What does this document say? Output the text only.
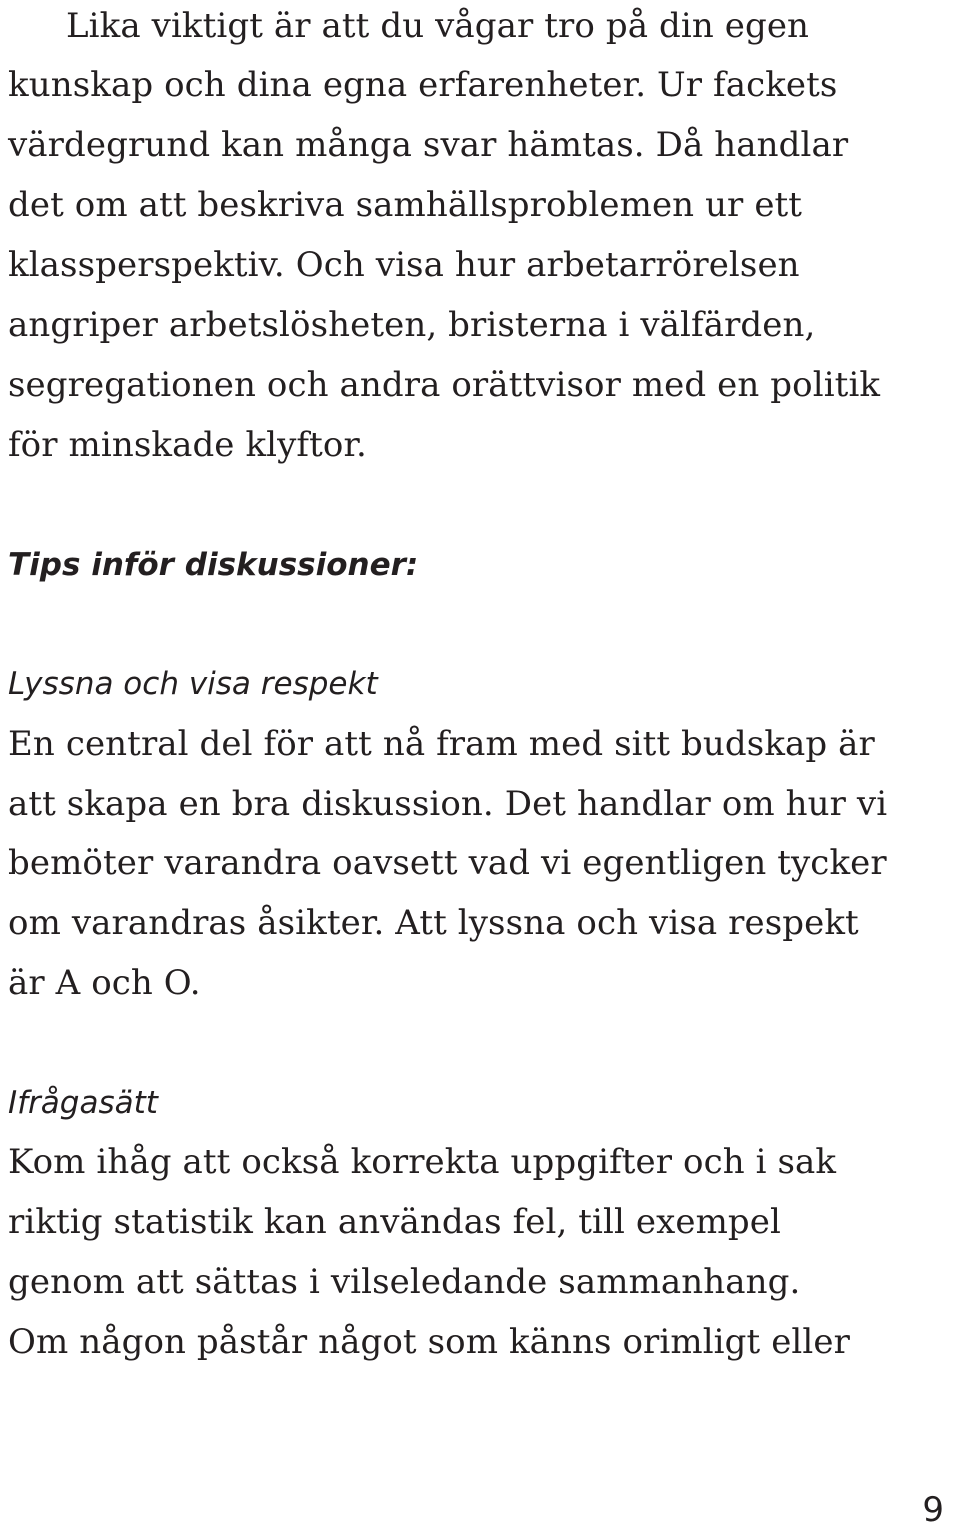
Lika viktigt är att du vågar tro på din egen
kunskap och dina egna erfarenheter. Ur fackets
värdegrund kan många svar hämtas. Då handlar
det om att beskriva samhällsproblemen ur ett
klassperspektiv. Och visa hur arbetarrörelsen
angriper arbetslösheten, bristerna i välfärden,
segregationen och andra orättvisor med en politik
för minskade klyftor.
Tips inför diskussioner:
Lyssna och visa respekt
En central del för att nå fram med sitt budskap är
att skapa en bra diskussion. Det handlar om hur vi
bemöter varandra oavsett vad vi egentligen tycker
om varandras åsikter. Att lyssna och visa respekt
är A och O.
Ifrågasätt
Kom ihåg att också korrekta uppgifter och i sak
riktig statistik kan användas fel, till exempel
genom att sättas i vilseledande sammanhang.
Om någon påstår något som känns orimligt eller
9
